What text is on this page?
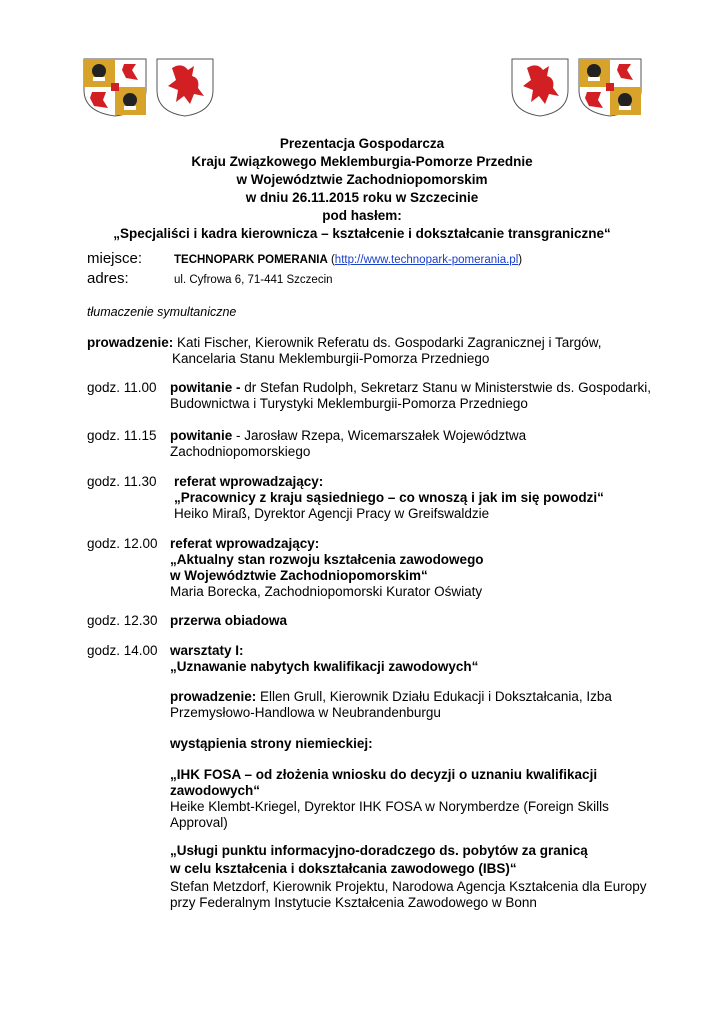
Prezentacja Gospodarcza
Kraju Związkowego Meklemburgia-Pomorze Przednie
w Województwie Zachodniopomorskim
w dniu 26.11.2015 roku w Szczecinie
pod hasłem:
„Specjaliści i kadra kierownicza – kształcenie i dokształcanie transgraniczne“
miejsce:	TECHNOPARK POMERANIA (http://www.technopark-pomerania.pl)
adres:	ul. Cyfrowa 6, 71-441 Szczecin
tłumaczenie symultaniczne
prowadzenie: Kati Fischer, Kierownik Referatu ds. Gospodarki Zagranicznej i Targów,
Kancelaria Stanu Meklemburgii-Pomorza Przedniego
godz. 11.00 powitanie - dr Stefan Rudolph, Sekretarz Stanu w Ministerstwie ds. Gospodarki,
Budownictwa i Turystyki Meklemburgii-Pomorza Przedniego
godz. 11.15 powitanie - Jarosław Rzepa, Wicemarszałek Województwa
Zachodniopomorskiego
godz. 11.30 referat wprowadzający:
„Pracownicy z kraju sąsiedniego – co wnoszą i jak im się powodzi“
Heiko Miraß, Dyrektor Agencji Pracy w Greifswaldzie
godz. 12.00 referat wprowadzający:
„Aktualny stan rozwoju kształcenia zawodowego
w Województwie Zachodniopomorskim“
Maria Borecka, Zachodniopomorski Kurator Oświaty
godz. 12.30 przerwa obiadowa
godz. 14.00 warsztaty I:
„Uznawanie nabytych kwalifikacji zawodowych“
prowadzenie: Ellen Grull, Kierownik Działu Edukacji i Dokształcania, Izba
Przemysłowo-Handlowa w Neubrandenburgu
wystąpienia strony niemieckiej:
„IHK FOSA – od złożenia wniosku do decyzji o uznaniu kwalifikacji
zawodowych“
Heike Klembt-Kriegel, Dyrektor IHK FOSA w Norymberdze (Foreign Skills
Approval)
„Usługi punktu informacyjno-doradczego ds. pobytów za granicą
w celu kształcenia i dokształcania zawodowego (IBS)“
Stefan Metzdorf, Kierownik Projektu, Narodowa Agencja Kształcenia dla Europy
przy Federalnym Instytucie Kształcenia Zawodowego w Bonn
